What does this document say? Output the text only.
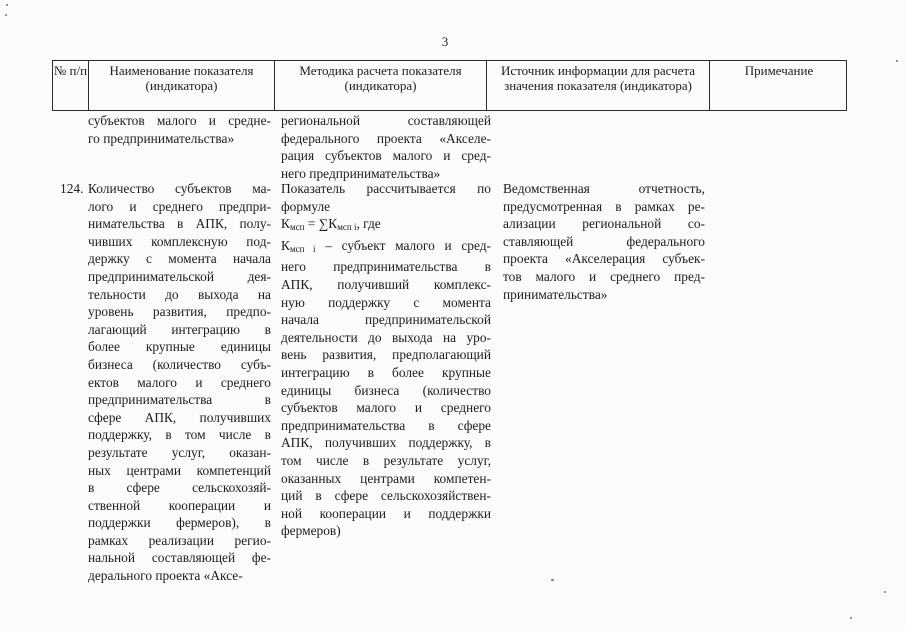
3
№ п/п	Наименование показателя (индикатора)
Методика расчета показателя (индикатора)
Источник информации для расчета значения показателя (индикатора)
Примечание
субъектов малого и средне-
го предпринимательства»
региональной составляющей
федерального проекта «Акселе-
рация субъектов малого и сред-
него предпринимательства»
124. Количество субъектов ма-
лого и среднего предпри-
нимательства в АПК, полу-
чивших комплексную под-
держку с момента начала
предпринимательской дея-
тельности до выхода на
уровень развития, предпо-
лагающий интеграцию в
более крупные единицы
бизнеса (количество субъ-
ектов малого и среднего
предпринимательства в
сфере АПК, получивших
поддержку, в том числе в
результате услуг, оказан-
ных центрами компетенций
в сфере сельскохозяй-
ственной кооперации и
поддержки фермеров), в
рамках реализации регио-
нальной составляющей фе-
дерального проекта «Аксе-
Показатель рассчитывается по
формуле
$К_{мсп} = \sum К_{мсп i}$, где
$К_{мсп i}$ – субъект малого и сред-
него предпринимательства в
АПК, получивший комплекс-
ную поддержку с момента
начала предпринимательской
деятельности до выхода на уро-
вень развития, предполагающий
интеграцию в более крупные
единицы бизнеса (количество
субъектов малого и среднего
предпринимательства в сфере
АПК, получивших поддержку, в
том числе в результате услуг,
оказанных центрами компетен-
ций в сфере сельскохозяйствен-
ной кооперации и поддержки
фермеров)
Ведомственная отчетность,
предусмотренная в рамках ре-
ализации региональной со-
ставляющей федерального
проекта «Акселерация субъек-
тов малого и среднего пред-
принимательства»
